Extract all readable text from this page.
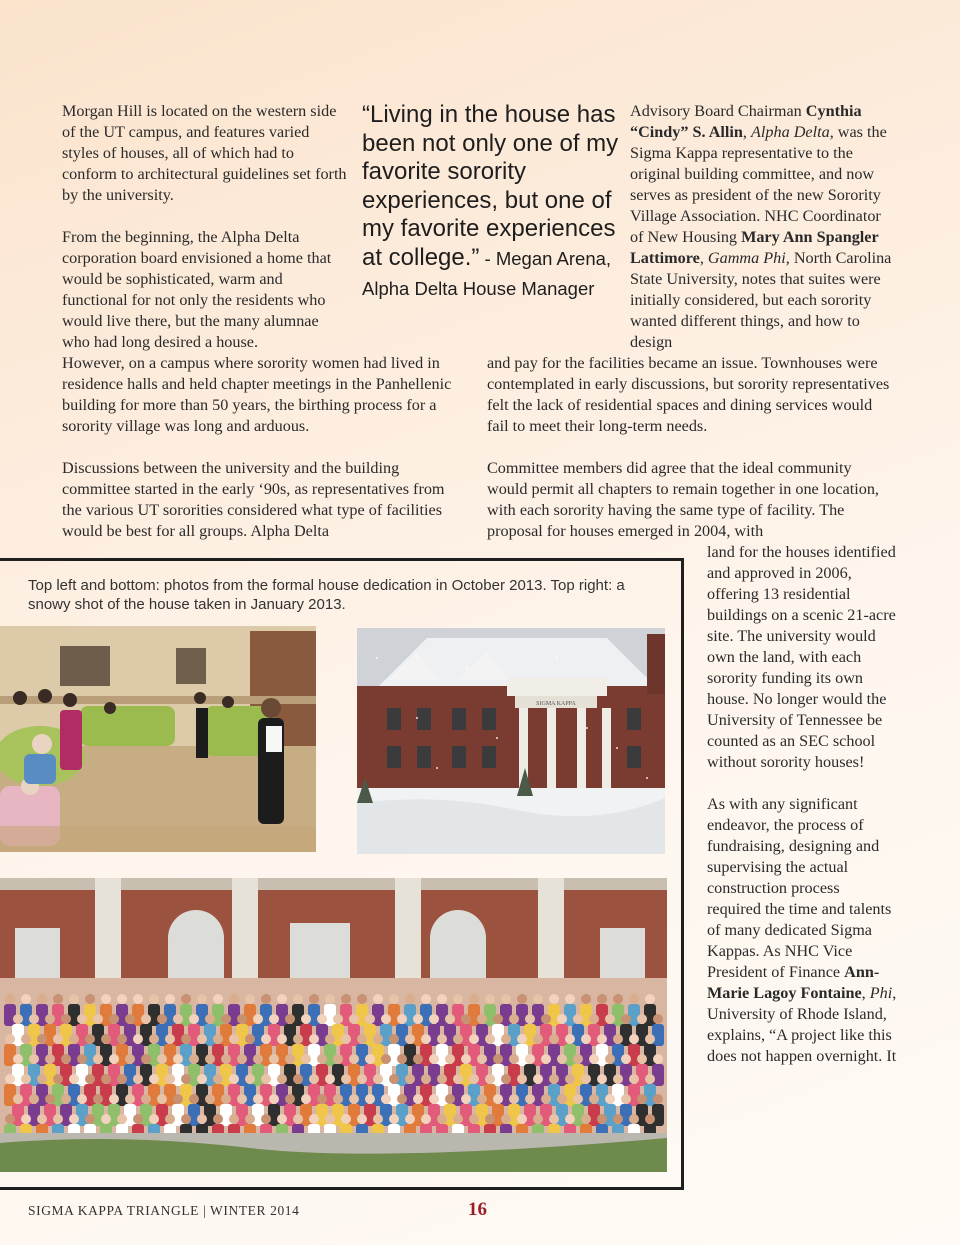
Morgan Hill is located on the western side of the UT campus, and features varied styles of houses, all of which had to conform to architectural guidelines set forth by the university.

From the beginning, the Alpha Delta corporation board envisioned a home that would be sophisticated, warm and functional for not only the residents who would live there, but the many alumnae who had long desired a house.

However, on a campus where sorority women had lived in residence halls and held chapter meetings in the Panhellenic building for more than 50 years, the birthing process for a sorority village was long and arduous.

Discussions between the university and the building committee started in the early ‘90s, as representatives from the various UT sororities considered what type of facilities would be best for all groups. Alpha Delta

“Living in the house has been not only one of my favorite sorority experiences, but one of my favorite experiences at college.” - Megan Arena, Alpha Delta House Manager

Advisory Board Chairman Cynthia “Cindy” S. Allin, Alpha Delta, was the Sigma Kappa representative to the original building committee, and now serves as president of the new Sorority Village Association. NHC Coordinator of New Housing Mary Ann Spangler Lattimore, Gamma Phi, North Carolina State University, notes that suites were initially considered, but each sorority wanted different things, and how to design

and pay for the facilities became an issue. Townhouses were contemplated in early discussions, but sorority representatives felt the lack of residential spaces and dining services would fail to meet their long-term needs.

Committee members did agree that the ideal community would permit all chapters to remain together in one location, with each sorority having the same type of facility. The proposal for houses emerged in 2004, with

land for the houses identified and approved in 2006, offering 13 residential buildings on a scenic 21-acre site. The university would own the land, with each sorority funding its own house. No longer would the University of Tennessee be counted as an SEC school without sorority houses!

As with any significant endeavor, the process of fundraising, designing and supervising the actual construction process required the time and talents of many dedicated Sigma Kappas. As NHC Vice President of Finance Ann-Marie Lagoy Fontaine, Phi, University of Rhode Island, explains, “A project like this does not happen overnight. It

Top left and bottom: photos from the formal house dedication in October 2013. Top right: a snowy shot of the house taken in January 2013.
SIGMA KAPPA
SIGMA KAPPA TRIANGLE | WINTER 2014	16
